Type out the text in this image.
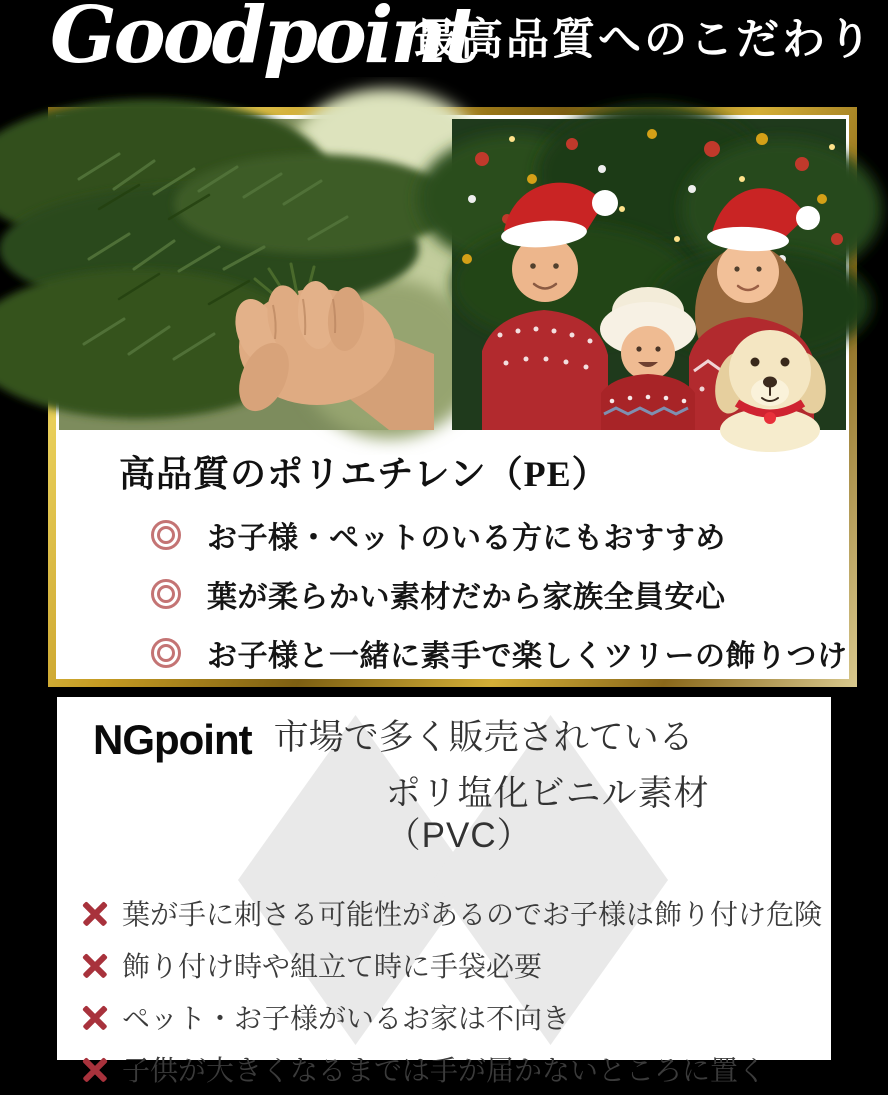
Goodpoint
最高品質へのこだわり
高品質のポリエチレン（PE）
お子様・ペットのいる方にもおすすめ
葉が柔らかい素材だから家族全員安心
お子様と一緒に素手で楽しくツリーの飾りつけ
NGpoint 市場で多く販売されている
ポリ塩化ビニル素材（PVC）
葉が手に刺さる可能性があるのでお子様は飾り付け危険
飾り付け時や組立て時に手袋必要
ペット・お子様がいるお家は不向き
子供が大きくなるまでは手が届かないところに置く
